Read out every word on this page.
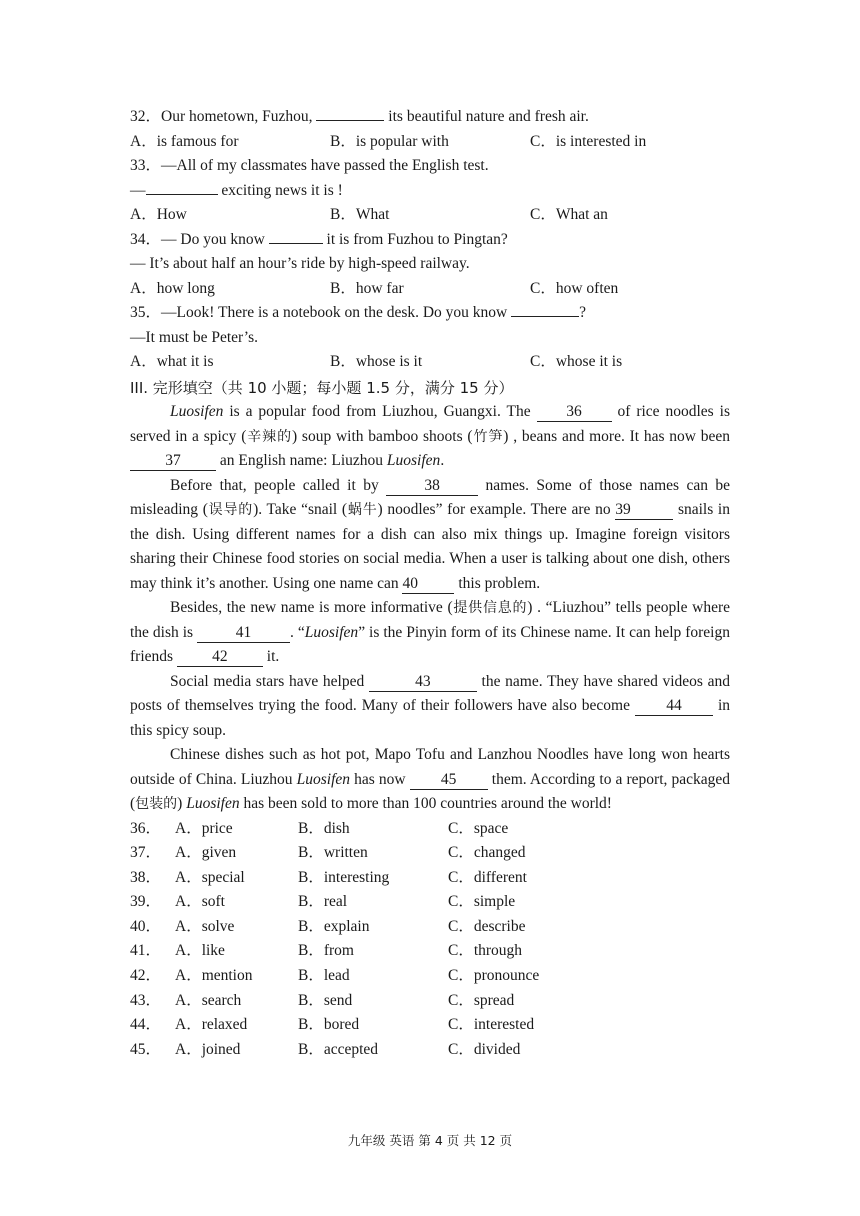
32．Our hometown, Fuzhou,	its beautiful nature and fresh air.
A．is famous for	B．is popular with	C．is interested in
33．—All of my classmates have passed the English test.
—	exciting news it is !
A．How	B．What	C．What an
34．— Do you know	it is from Fuzhou to Pingtan?
— It’s about half an hour’s ride by high-speed railway.
A．how long	B．how far	C．how often
35．—Look! There is a notebook on the desk. Do you know	?
—It must be Peter’s.
A．what it is	B．whose is it	C．whose it is
III. 完形填空（共 10 小题；每小题 1.5 分，满分 15 分）

Luosifen is a popular food from Liuzhou, Guangxi. The 36 of rice noodles is served in a spicy (辛辣的) soup with bamboo shoots (竹笋) , beans and more. It has now been 37 an English name: Liuzhou Luosifen.

Before that, people called it by 38 names. Some of those names can be misleading (误导的). Take “snail (蜗牛) noodles” for example. There are no 39	snails in the dish. Using different names for a dish can also mix things up. Imagine foreign visitors sharing their Chinese food stories on social media. When a user is talking about one dish, others may think it’s another. Using one name can 40 this problem.

Besides, the new name is more informative (提供信息的) . “Liuzhou” tells people where the dish is	41	. “Luosifen” is the Pinyin form of its Chinese name. It can help foreign friends 42 it.

Social media stars have helped	43	the name. They have shared videos and posts of themselves trying the food. Many of their followers have also become 44 in this spicy soup.

Chinese dishes such as hot pot, Mapo Tofu and Lanzhou Noodles have long won hearts outside of China. Liuzhou Luosifen has now 45 them. According to a report, packaged (包装的) Luosifen has been sold to more than 100 countries around the world!

36． A．price	B．dish	C．space
37． A．given	B．written	C．changed
38． A．special	B．interesting	C．different
39． A．soft	B．real	C．simple
40． A．solve	B．explain	C．describe
41． A．like	B．from	C．through
42． A．mention	B．lead	C．pronounce
43． A．search	B．send	C．spread
44． A．relaxed	B．bored	C．interested
45． A．joined	B．accepted	C．divided
九年级 英语 第 4 页 共 12 页
